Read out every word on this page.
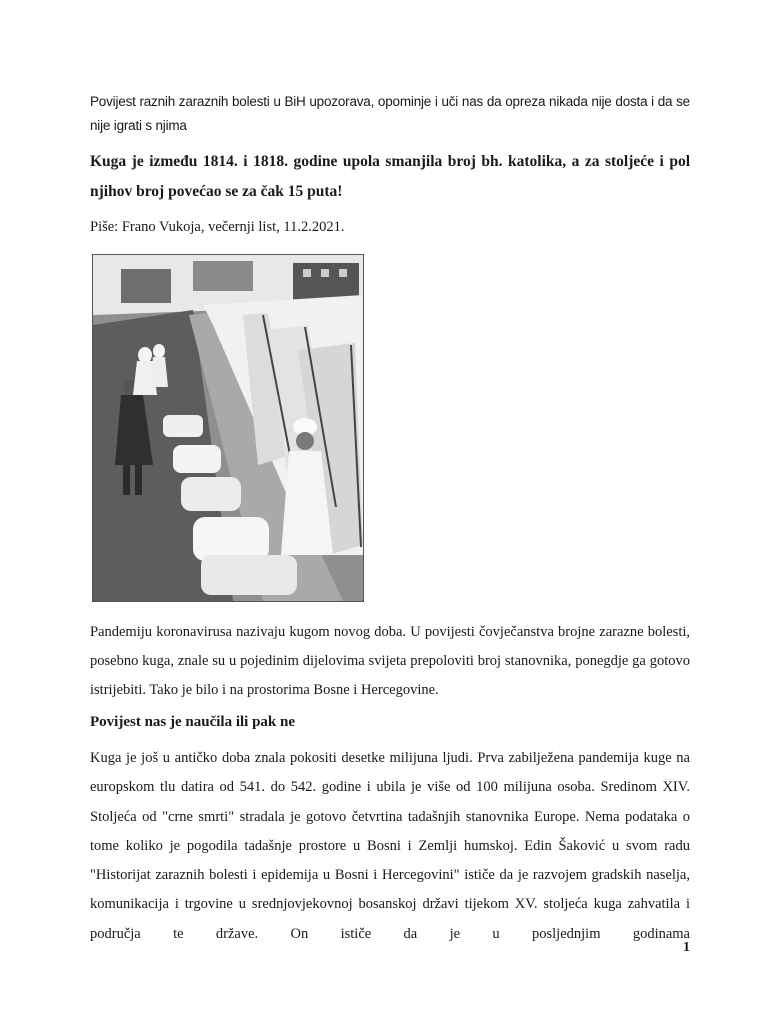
Povijest raznih zaraznih bolesti u BiH upozorava, opominje i uči nas da opreza nikada nije dosta i da se nije igrati s njima
Kuga je između 1814. i 1818. godine upola smanjila broj bh. katolika, a za stoljeće i pol njihov broj povećao se za čak 15 puta!
Piše: Frano Vukoja, večernji list, 11.2.2021.
Pandemiju koronavirusa nazivaju kugom novog doba. U povijesti čovječanstva brojne zarazne bolesti, posebno kuga, znale su u pojedinim dijelovima svijeta prepoloviti broj stanovnika, ponegdje ga gotovo istrijebiti. Tako je bilo i na prostorima Bosne i Hercegovine.
Povijest nas je naučila ili pak ne
Kuga je još u antičko doba znala pokositi desetke milijuna ljudi. Prva zabilježena pandemija kuge na europskom tlu datira od 541. do 542. godine i ubila je više od 100 milijuna osoba. Sredinom XIV. Stoljeća od "crne smrti" stradala je gotovo četvrtina tadašnjih stanovnika Europe. Nema podataka o tome koliko je pogodila tadašnje prostore u Bosni i Zemlji humskoj. Edin Šaković u svom radu "Historijat zaraznih bolesti i epidemija u Bosni i Hercegovini" ističe da je razvojem gradskih naselja, komunikacija i trgovine u srednjovjekovnoj bosanskoj državi tijekom XV. stoljeća kuga zahvatila i područja te države. On ističe da je u posljednjim godinama
1
